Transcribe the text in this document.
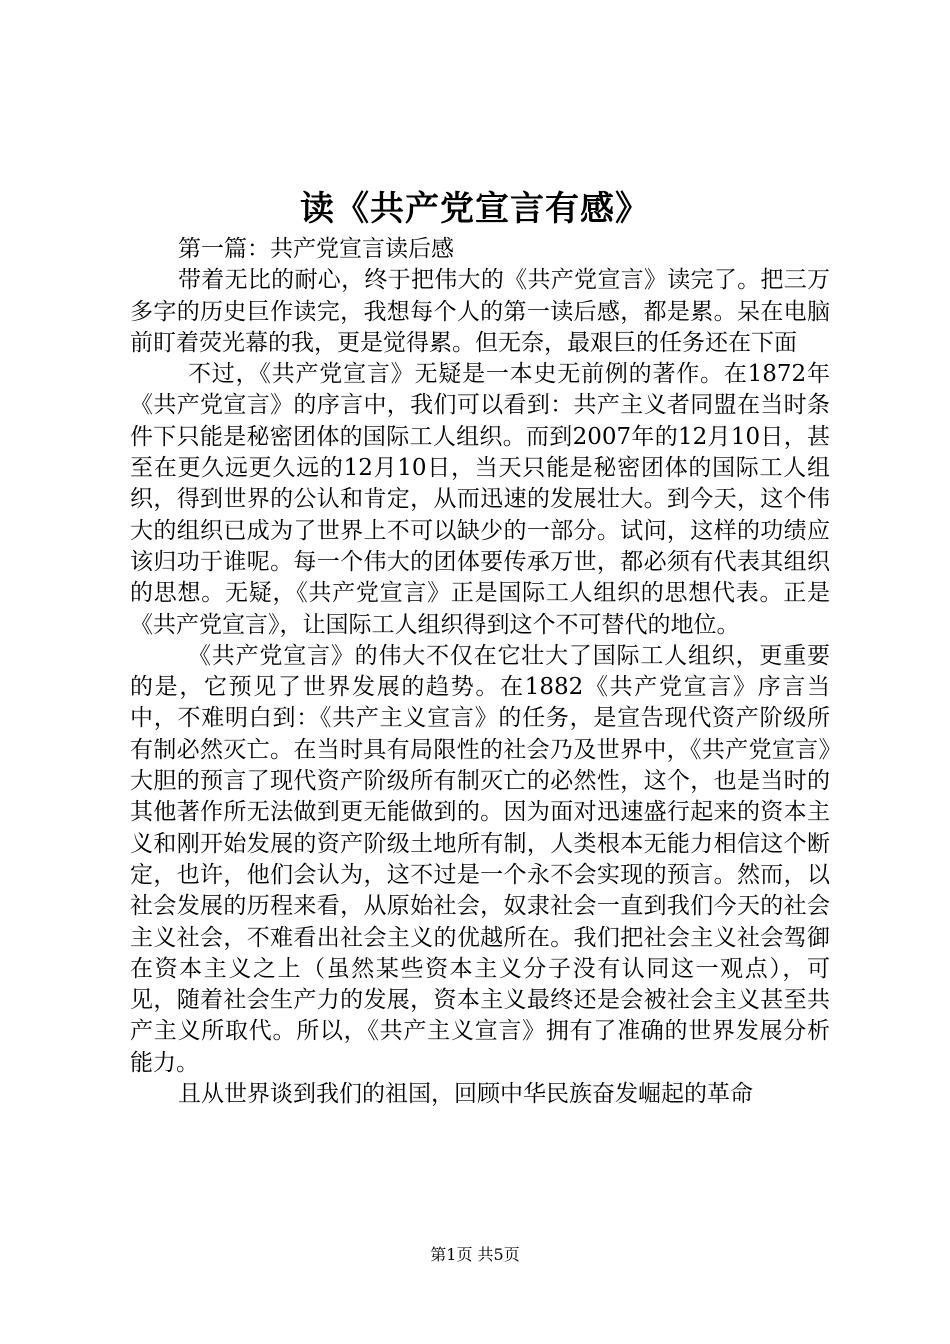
读《共产党宣言有感》

第一篇：共产党宣言读后感

带着无比的耐心，终于把伟大的《共产党宣言》读完了。把三万多字的历史巨作读完，我想每个人的第一读后感，都是累。呆在电脑前盯着荧光幕的我，更是觉得累。但无奈，最艰巨的任务还在下面

不过，《共产党宣言》无疑是一本史无前例的著作。在1872年《共产党宣言》的序言中，我们可以看到：共产主义者同盟在当时条件下只能是秘密团体的国际工人组织。而到2007年的12月10日，甚至在更久远更久远的12月10日，当天只能是秘密团体的国际工人组织，得到世界的公认和肯定，从而迅速的发展壮大。到今天，这个伟大的组织已成为了世界上不可以缺少的一部分。试问，这样的功绩应该归功于谁呢。每一个伟大的团体要传承万世，都必须有代表其组织的思想。无疑，《共产党宣言》正是国际工人组织的思想代表。正是《共产党宣言》，让国际工人组织得到这个不可替代的地位。

《共产党宣言》的伟大不仅在它壮大了国际工人组织，更重要的是，它预见了世界发展的趋势。在1882《共产党宣言》序言当中，不难明白到：《共产主义宣言》的任务，是宣告现代资产阶级所有制必然灭亡。在当时具有局限性的社会乃及世界中，《共产党宣言》大胆的预言了现代资产阶级所有制灭亡的必然性，这个，也是当时的其他著作所无法做到更无能做到的。因为面对迅速盛行起来的资本主义和刚开始发展的资产阶级土地所有制，人类根本无能力相信这个断定，也许，他们会认为，这不过是一个永不会实现的预言。然而，以社会发展的历程来看，从原始社会，奴隶社会一直到我们今天的社会主义社会，不难看出社会主义的优越所在。我们把社会主义社会驾御在资本主义之上（虽然某些资本主义分子没有认同这一观点），可见，随着社会生产力的发展，资本主义最终还是会被社会主义甚至共产主义所取代。所以，《共产主义宣言》拥有了准确的世界发展分析能力。

且从世界谈到我们的祖国，回顾中华民族奋发崛起的革命

第1页 共5页
